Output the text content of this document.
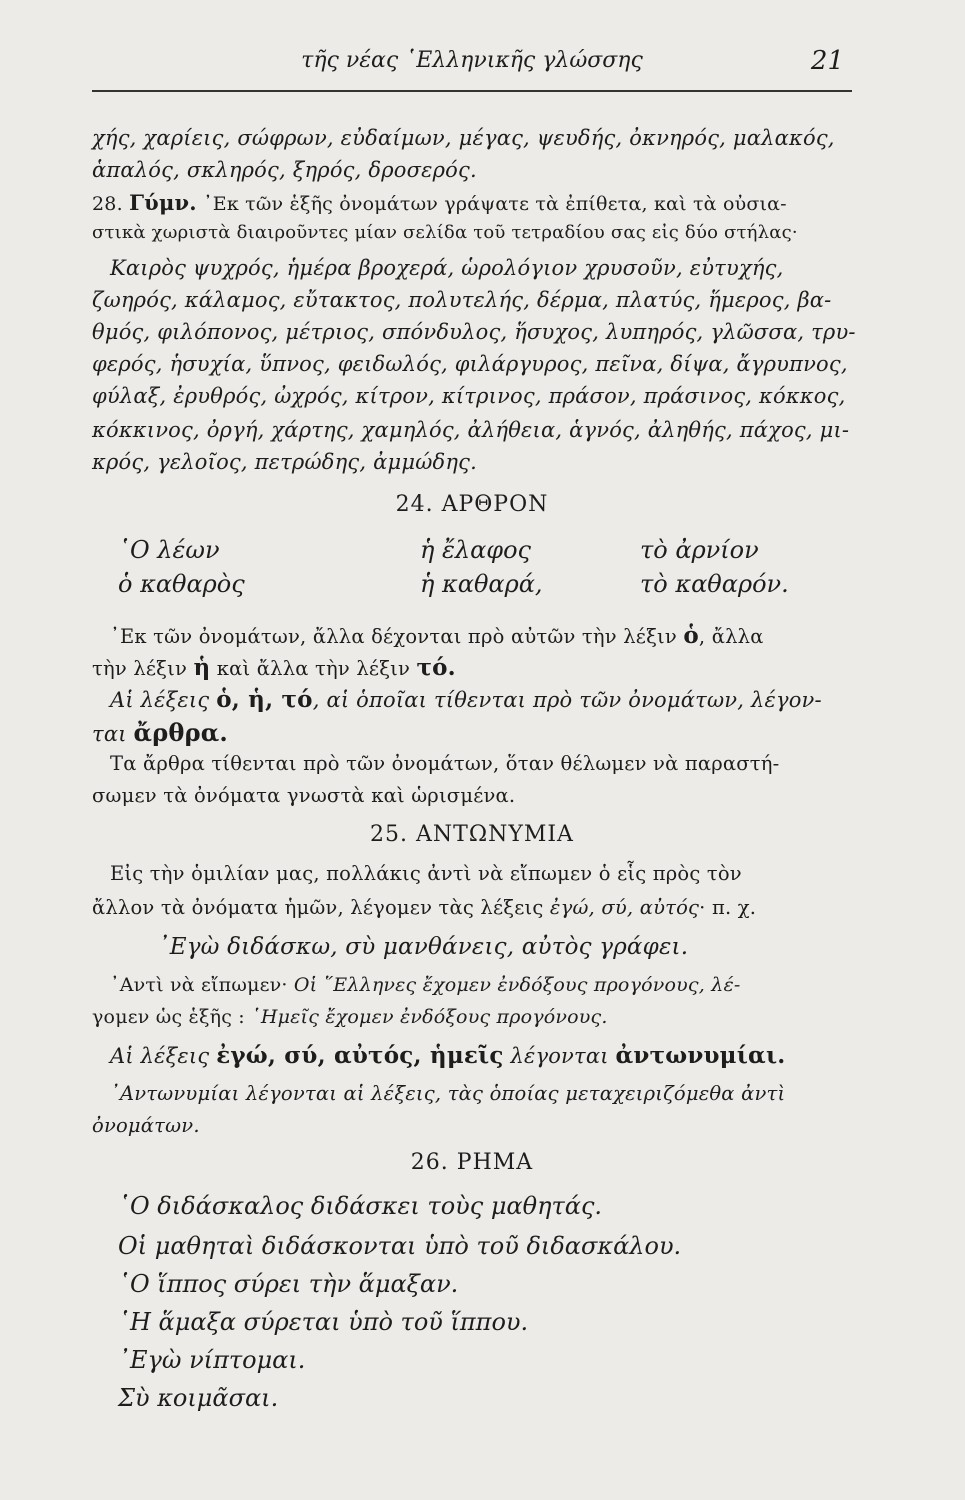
τῆς νέας ῾Ελληνικῆς γλώσσης	21
χής, χαρίεις, σώφρων, εὐδαίμων, μέγας, ψευδής, ὀκνηρός, μαλακός,
ἁπαλός, σκληρός, ξηρός, δροσερός.
28. Γύμν. ᾿Εκ τῶν ἑξῆς ὀνομάτων γράψατε τὰ ἐπίθετα, καὶ τὰ οὐσια-
στικὰ χωριστὰ διαιροῦντες μίαν σελίδα τοῦ τετραδίου σας εἰς δύο στήλας·
Καιρὸς ψυχρός, ἡμέρα βροχερά, ὡρολόγιον χρυσοῦν, εὐτυχής,
ζωηρός, κάλαμος, εὔτακτος, πολυτελής, δέρμα, πλατύς, ἥμερος, βα-
θμός, φιλόπονος, μέτριος, σπόνδυλος, ἥσυχος, λυπηρός, γλῶσσα, τρυ-
φερός, ἡσυχία, ὕπνος, φειδωλός, φιλάργυρος, πεῖνα, δίψα, ἄγρυπνος,
φύλαξ, ἐρυθρός, ὠχρός, κίτρον, κίτρινος, πράσον, πράσινος, κόκκος,
κόκκινος, ὀργή, χάρτης, χαμηλός, ἀλήθεια, ἁγνός, ἀληθής, πάχος, μι-
κρός, γελοῖος, πετρώδης, ἀμμώδης.
24. ΑΡΘΡΟΝ
῾Ο λέων	ἡ ἔλαφος	τὸ ἀρνίον
ὁ καθαρὸς	ἡ καθαρά,	τὸ καθαρόν.
᾿Εκ τῶν ὀνομάτων, ἄλλα δέχονται πρὸ αὐτῶν τὴν λέξιν ὁ, ἄλλα
τὴν λέξιν ἡ καὶ ἄλλα τὴν λέξιν τό.
Αἱ λέξεις ὁ, ἡ, τό, αἱ ὁποῖαι τίθενται πρὸ τῶν ὀνομάτων, λέγον-
ται ἄρθρα.
Τα ἄρθρα τίθενται πρὸ τῶν ὀνομάτων, ὅταν θέλωμεν νὰ παραστή-
σωμεν τὰ ὀνόματα γνωστὰ καὶ ὡρισμένα.
25. ΑΝΤΩΝΥΜΙΑ
Εἰς τὴν ὁμιλίαν μας, πολλάκις ἀντὶ νὰ εἴπωμεν ὁ εἷς πρὸς τὸν
ἄλλον τὰ ὀνόματα ἡμῶν, λέγομεν τὰς λέξεις ἐγώ, σύ, αὐτός· π. χ.
᾿Εγὼ διδάσκω, σὺ μανθάνεις, αὐτὸς γράφει.
᾿Αντὶ νὰ εἴπωμεν· Οἱ ῞Ελληνες ἔχομεν ἐνδόξους προγόνους, λέ-
γομεν ὡς ἑξῆς : ῾Ημεῖς ἔχομεν ἐνδόξους προγόνους.
Αἱ λέξεις ἐγώ, σύ, αὐτός, ἡμεῖς λέγονται ἀντωνυμίαι.
᾿Αντωνυμίαι λέγονται αἱ λέξεις, τὰς ὁποίας μεταχειριζόμεθα ἀντὶ
ὀνομάτων.
26. ΡΗΜΑ
῾Ο διδάσκαλος διδάσκει τοὺς μαθητάς.
Οἱ μαθηταὶ διδάσκονται ὑπὸ τοῦ διδασκάλου.
῾Ο ἵππος σύρει τὴν ἅμαξαν.
῾Η ἅμαξα σύρεται ὑπὸ τοῦ ἵππου.
᾿Εγὼ νίπτομαι.
Σὺ κοιμᾶσαι.
